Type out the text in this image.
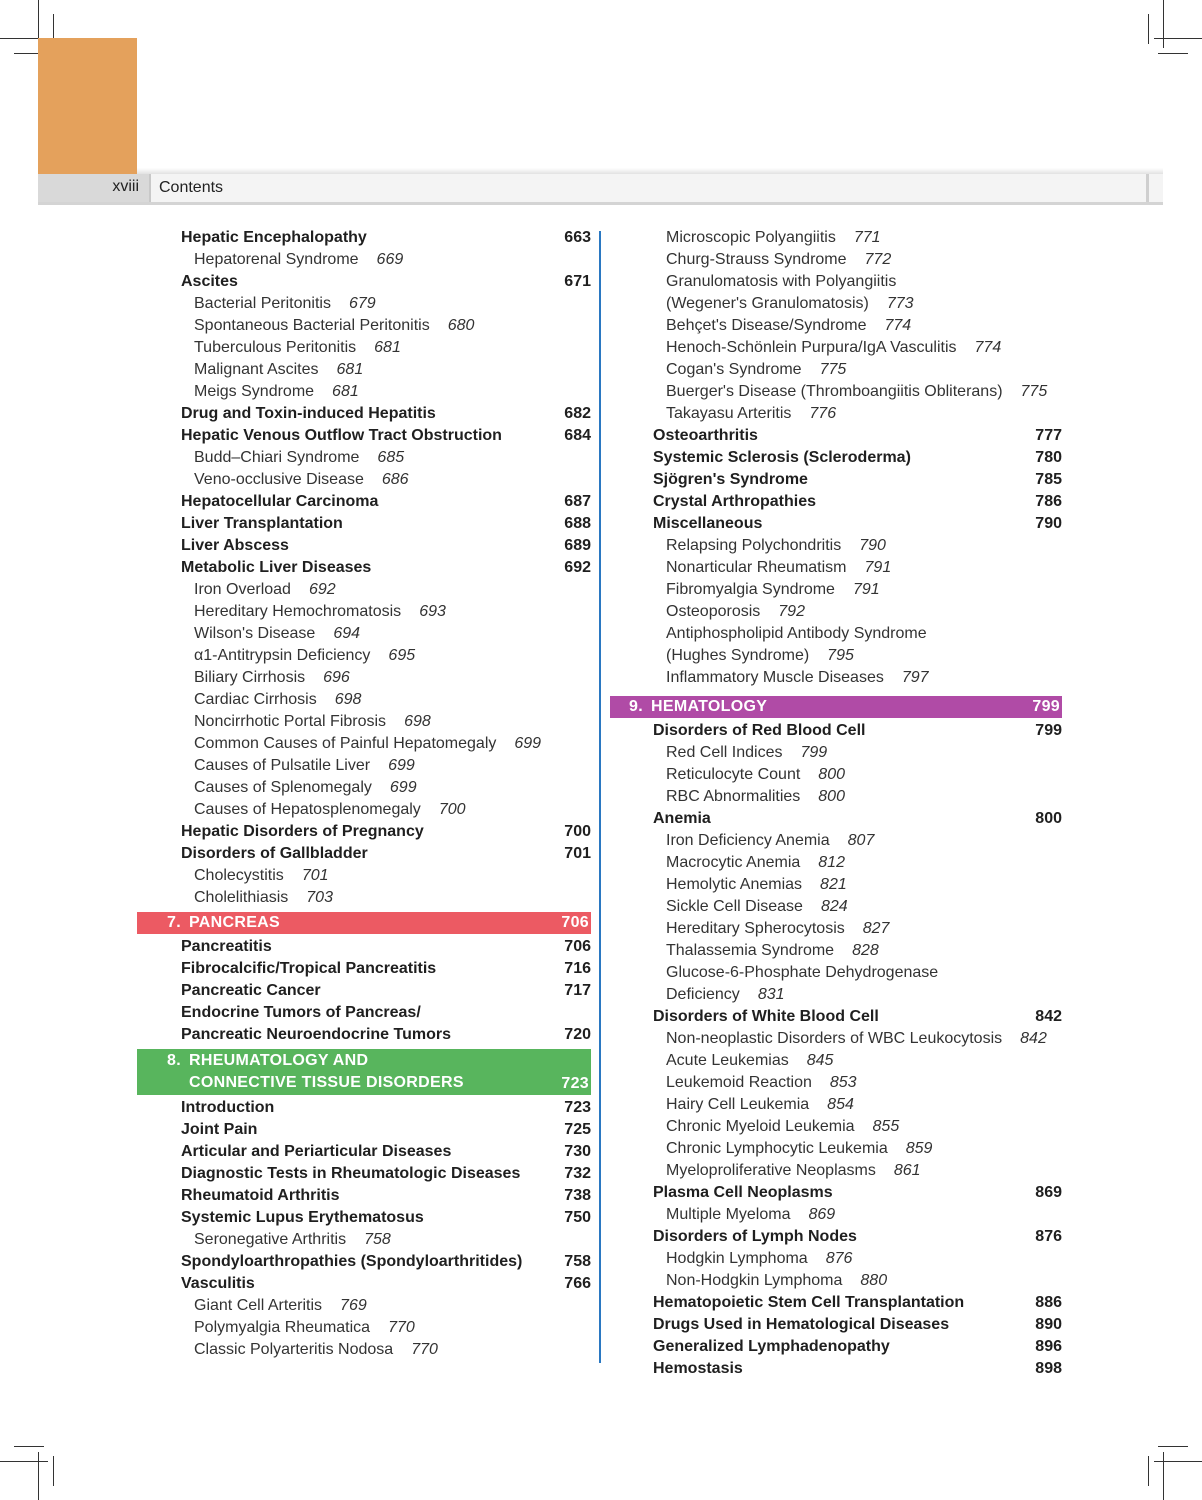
xviii Contents
Hepatic Encephalopathy	663
Hepatorenal Syndrome 669
Ascites	671
Bacterial Peritonitis 679
Spontaneous Bacterial Peritonitis 680
Tuberculous Peritonitis 681
Malignant Ascites 681
Meigs Syndrome 681
Drug and Toxin-induced Hepatitis	682
Hepatic Venous Outflow Tract Obstruction	684
Budd–Chiari Syndrome 685
Veno-occlusive Disease 686
Hepatocellular Carcinoma	687
Liver Transplantation	688
Liver Abscess	689
Metabolic Liver Diseases	692
Iron Overload 692
Hereditary Hemochromatosis 693
Wilson's Disease 694
α1-Antitrypsin Deficiency 695
Biliary Cirrhosis 696
Cardiac Cirrhosis 698
Noncirrhotic Portal Fibrosis 698
Common Causes of Painful Hepatomegaly 699
Causes of Pulsatile Liver 699
Causes of Splenomegaly 699
Causes of Hepatosplenomegaly 700
Hepatic Disorders of Pregnancy	700
Disorders of Gallbladder	701
Cholecystitis 701
Cholelithiasis 703
7. PANCREAS	706
Pancreatitis	706
Fibrocalcific/Tropical Pancreatitis	716
Pancreatic Cancer	717
Endocrine Tumors of Pancreas/
Pancreatic Neuroendocrine Tumors	720
8. RHEUMATOLOGY AND
CONNECTIVE TISSUE DISORDERS	723
Introduction	723
Joint Pain	725
Articular and Periarticular Diseases	730
Diagnostic Tests in Rheumatologic Diseases	732
Rheumatoid Arthritis	738
Systemic Lupus Erythematosus	750
Seronegative Arthritis 758
Spondyloarthropathies (Spondyloarthritides)	758
Vasculitis	766
Giant Cell Arteritis 769
Polymyalgia Rheumatica 770
Classic Polyarteritis Nodosa 770
Microscopic Polyangiitis 771
Churg-Strauss Syndrome 772
Granulomatosis with Polyangiitis
(Wegener's Granulomatosis) 773
Behçet's Disease/Syndrome 774
Henoch-Schönlein Purpura/IgA Vasculitis 774
Cogan's Syndrome 775
Buerger's Disease (Thromboangiitis Obliterans) 775
Takayasu Arteritis 776
Osteoarthritis	777
Systemic Sclerosis (Scleroderma)	780
Sjögren's Syndrome	785
Crystal Arthropathies	786
Miscellaneous	790
Relapsing Polychondritis 790
Nonarticular Rheumatism 791
Fibromyalgia Syndrome 791
Osteoporosis 792
Antiphospholipid Antibody Syndrome
(Hughes Syndrome) 795
Inflammatory Muscle Diseases 797
9. HEMATOLOGY	799
Disorders of Red Blood Cell	799
Red Cell Indices 799
Reticulocyte Count 800
RBC Abnormalities 800
Anemia	800
Iron Deficiency Anemia 807
Macrocytic Anemia 812
Hemolytic Anemias 821
Sickle Cell Disease 824
Hereditary Spherocytosis 827
Thalassemia Syndrome 828
Glucose-6-Phosphate Dehydrogenase
Deficiency 831
Disorders of White Blood Cell	842
Non-neoplastic Disorders of WBC Leukocytosis 842
Acute Leukemias 845
Leukemoid Reaction 853
Hairy Cell Leukemia 854
Chronic Myeloid Leukemia 855
Chronic Lymphocytic Leukemia 859
Myeloproliferative Neoplasms 861
Plasma Cell Neoplasms	869
Multiple Myeloma 869
Disorders of Lymph Nodes	876
Hodgkin Lymphoma 876
Non-Hodgkin Lymphoma 880
Hematopoietic Stem Cell Transplantation	886
Drugs Used in Hematological Diseases	890
Generalized Lymphadenopathy	896
Hemostasis	898
